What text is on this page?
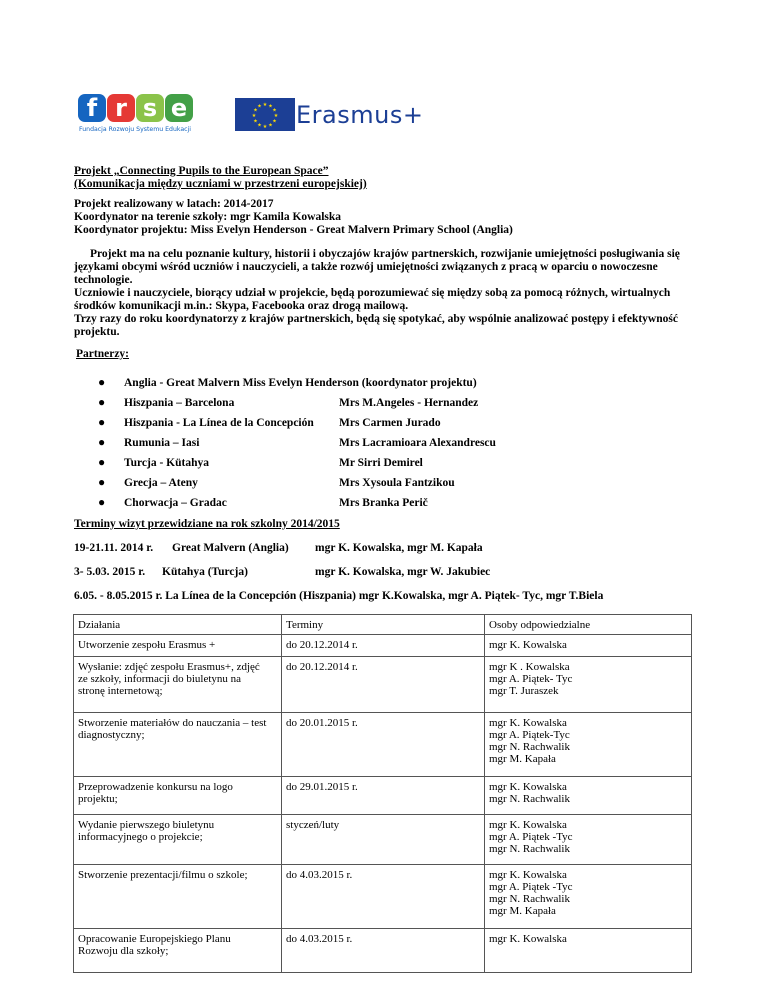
f r s e
Fundacja Rozwoju Systemu Edukacji
★ ★
★
★
★
★
★
★
★
★
★
★ Erasmus+
Projekt „Connecting Pupils to the European Space”
(Komunikacja między uczniami w przestrzeni europejskiej)
Projekt realizowany w latach: 2014-2017
Koordynator na terenie szkoły: mgr Kamila Kowalska
Koordynator projektu: Miss Evelyn Henderson - Great Malvern Primary School (Anglia)
Projekt ma na celu poznanie kultury, historii i obyczajów krajów partnerskich, rozwijanie umiejętności posługiwania się
językami obcymi wśród uczniów i nauczycieli, a także rozwój umiejętności związanych z pracą w oparciu o nowoczesne
technologie.
Uczniowie i nauczyciele, biorący udział w projekcie, będą porozumiewać się między sobą za pomocą różnych, wirtualnych
środków komunikacji m.in.: Skypa, Facebooka oraz drogą mailową.
Trzy razy do roku koordynatorzy z krajów partnerskich, będą się spotykać, aby wspólnie analizować postępy i efektywność
projektu.
Partnerzy:
● Anglia - Great Malvern Miss Evelyn Henderson (koordynator projektu)
● Hiszpania – Barcelona	Mrs M.Angeles - Hernandez
● Hiszpania - La Línea de la Concepción Mrs Carmen Jurado
● Rumunia – Iasi	Mrs Lacramioara Alexandrescu
● Turcja - Kütahya	Mr Sirri Demirel
● Grecja – Ateny	Mrs Xysoula Fantzikou
● Chorwacja – Gradac	Mrs Branka Perič
Terminy wizyt przewidziane na rok szkolny 2014/2015
19-21.11. 2014 r. Great Malvern (Anglia) mgr K. Kowalska, mgr M. Kapała
3- 5.03. 2015 r. Kütahya (Turcja)	mgr K. Kowalska, mgr W. Jakubiec
6.05. - 8.05.2015 r. La Línea de la Concepción (Hiszpania) mgr K.Kowalska, mgr A. Piątek- Tyc, mgr T.Biela
Działania	Terminy	Osoby odpowiedzialne

Utworzenie zespołu Erasmus +	do 20.12.2014 r.	mgr K. Kowalska

Wysłanie: zdjęć zespołu Erasmus+, zdjęć
ze szkoły, informacji do biuletynu na
stronę internetową;	do 20.12.2014 r.	mgr K . Kowalska
mgr A. Piątek- Tyc
mgr T. Juraszek

Stworzenie materiałów do nauczania – test
diagnostyczny;	do 20.01.2015 r.	mgr K. Kowalska
mgr A. Piątek-Tyc
mgr N. Rachwalik
mgr M. Kapała

Przeprowadzenie konkursu na logo
projektu;	do 29.01.2015 r.	mgr K. Kowalska
mgr N. Rachwalik

Wydanie pierwszego biuletynu
informacyjnego o projekcie;	styczeń/luty	mgr K. Kowalska
mgr A. Piątek -Tyc
mgr N. Rachwalik

Stworzenie prezentacji/filmu o szkole;	do 4.03.2015 r.	mgr K. Kowalska
mgr A. Piątek -Tyc
mgr N. Rachwalik
mgr M. Kapała

Opracowanie Europejskiego Planu
Rozwoju dla szkoły;	do 4.03.2015 r.	mgr K. Kowalska
